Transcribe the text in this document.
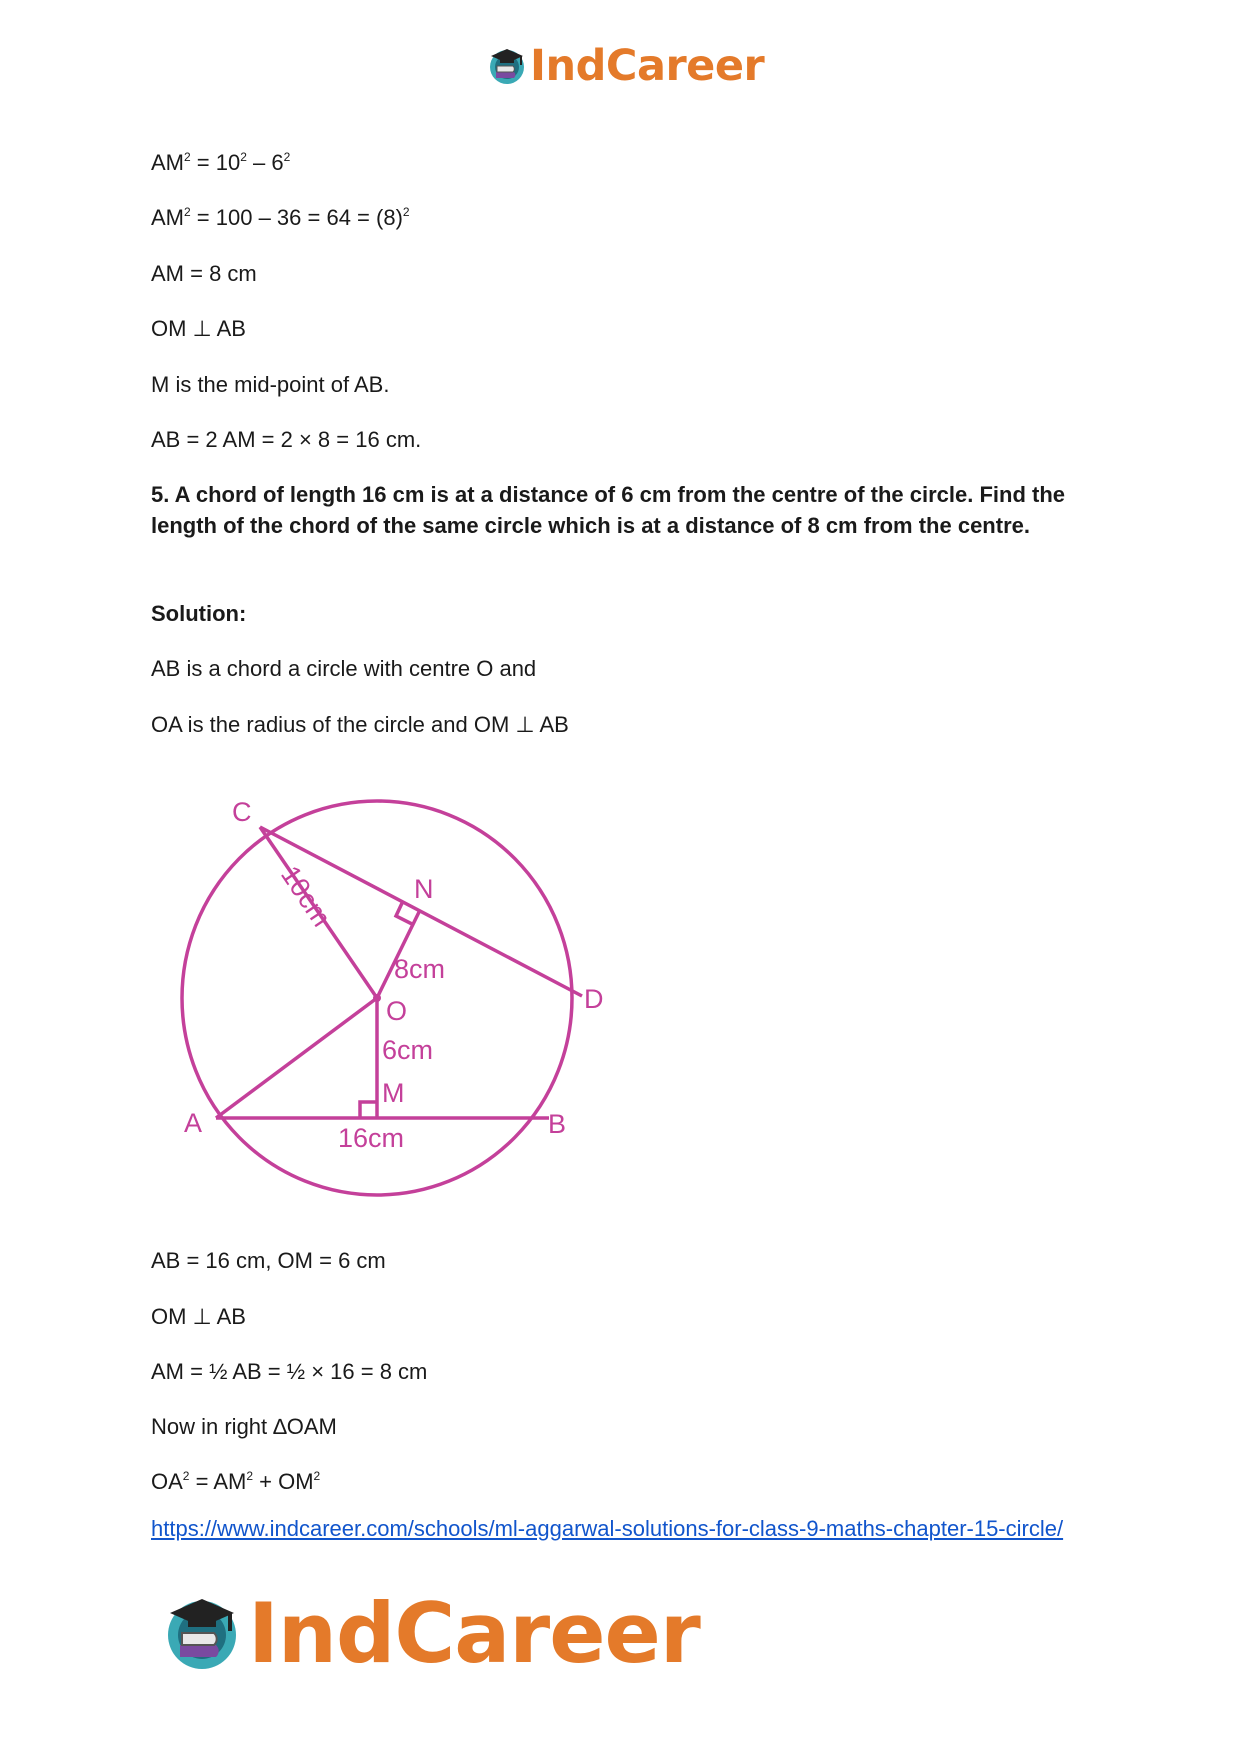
IndCareer
$AM^2 = 10^2 - 6^2$
$AM^2 = 100 - 36 = 64 = (8)^2$
AM = 8 cm
OM ⊥ AB
M is the mid-point of AB.
AB = 2 AM = 2 × 8 = 16 cm.
5. A chord of length 16 cm is at a distance of 6 cm from the centre of the circle. Find the length of the chord of the same circle which is at a distance of 8 cm from the centre.
Solution:
AB is a chord a circle with centre O and
OA is the radius of the circle and OM ⊥ AB
C
N
D
O
M
A	B
10cm
8cm
6cm
16cm
AB = 16 cm, OM = 6 cm
OM ⊥ AB
AM = ½ AB = ½ × 16 = 8 cm
Now in right ∆OAM
$OA^2 = AM^2 + OM^2$
https://www.indcareer.com/schools/ml-aggarwal-solutions-for-class-9-maths-chapter-15-circle/
IndCareer
